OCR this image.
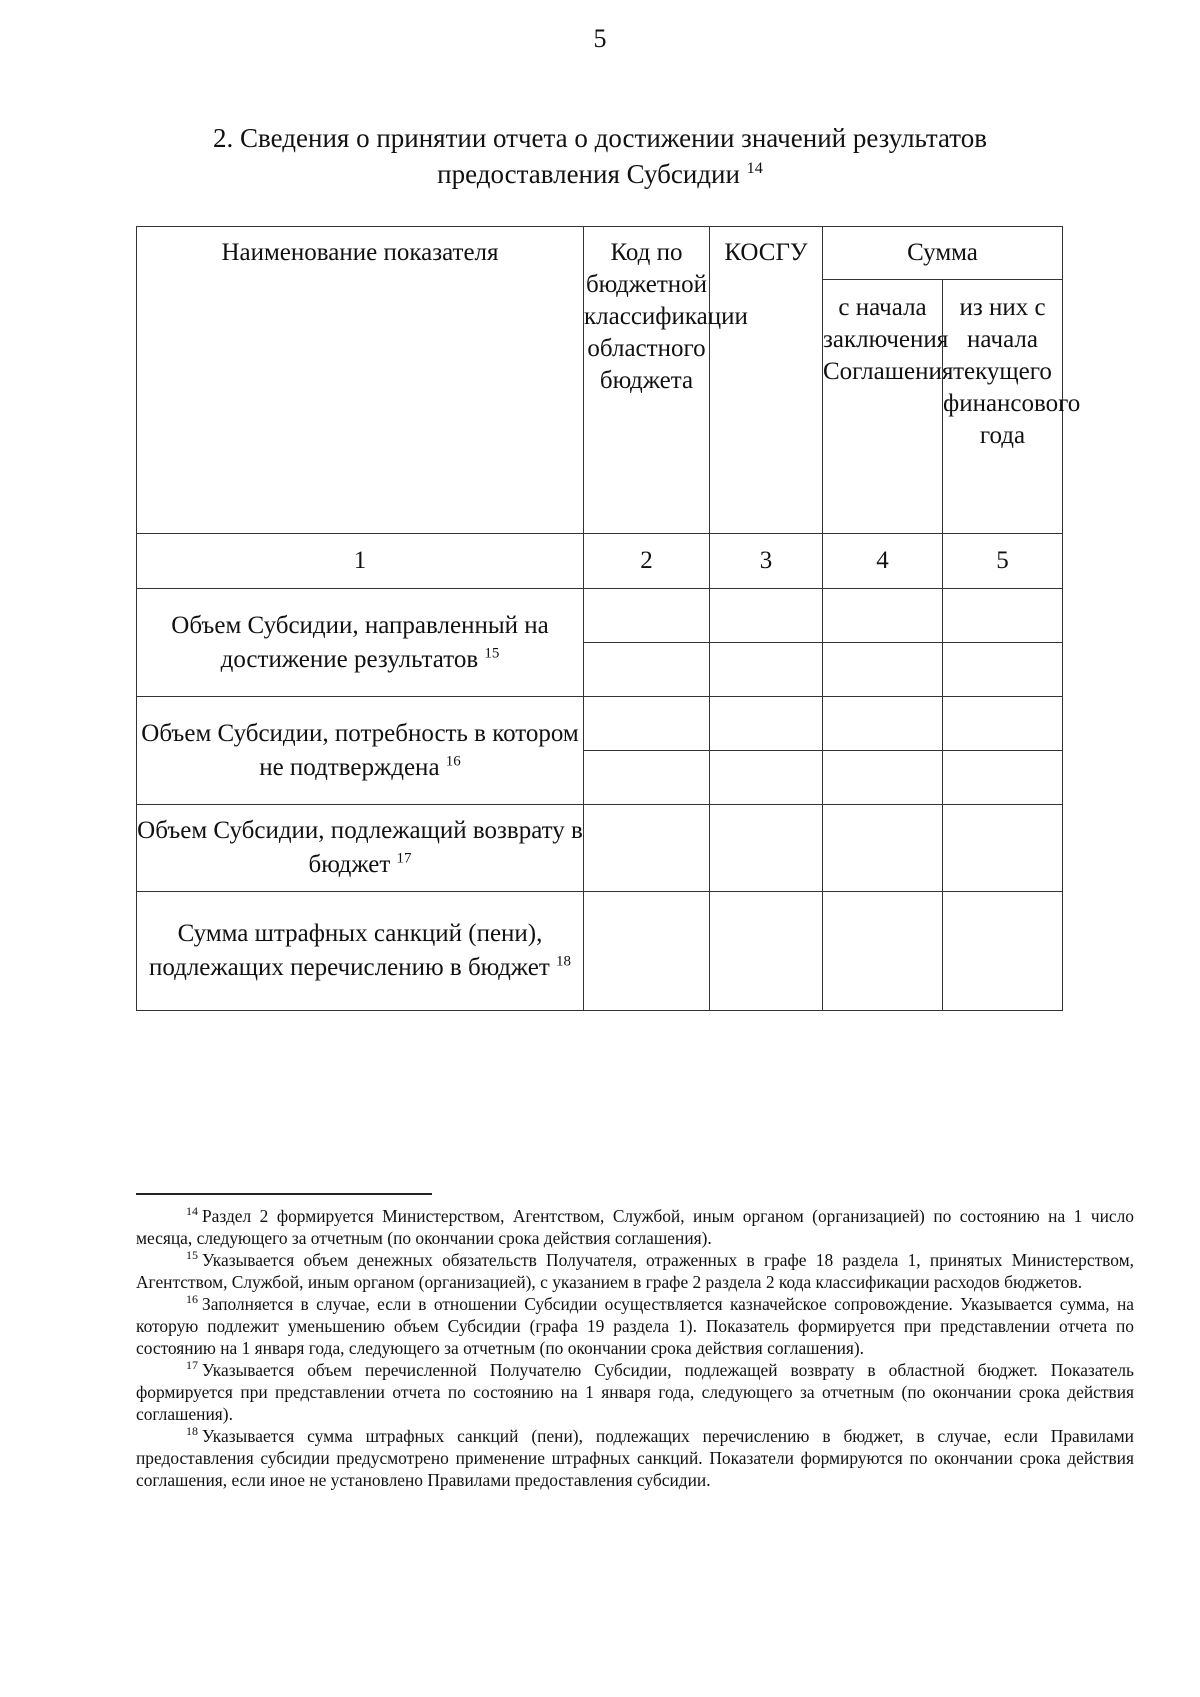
5
2. Сведения о принятии отчета о достижении значений результатов
предоставления Субсидии $^{14}$
Наименование показателя	Код по бюджетной классификации областного бюджета	КОСГУ	Сумма	
			с начала заключения Соглашения	из них с начала текущего финансового года
1	2	3	4	5
Объем Субсидии, направленный на достижение результатов $^{15}$				

Объем Субсидии, потребность в котором не подтверждена $^{16}$				

Объем Субсидии, подлежащий возврату в бюджет $^{17}$				
Сумма штрафных санкций (пени), подлежащих перечислению в бюджет $^{18}$				

$^{14}$ Раздел 2 формируется Министерством, Агентством, Службой, иным органом (организацией) по состоянию на 1 число месяца, следующего за отчетным (по окончании срока действия соглашения).

$^{15}$ Указывается объем денежных обязательств Получателя, отраженных в графе 18 раздела 1, принятых Министерством, Агентством, Службой, иным органом (организацией), с указанием в графе 2 раздела 2 кода классификации расходов бюджетов.

$^{16}$ Заполняется в случае, если в отношении Субсидии осуществляется казначейское сопровождение. Указывается сумма, на которую подлежит уменьшению объем Субсидии (графа 19 раздела 1). Показатель формируется при представлении отчета по состоянию на 1 января года, следующего за отчетным (по окончании срока действия соглашения).

$^{17}$ Указывается объем перечисленной Получателю Субсидии, подлежащей возврату в областной бюджет. Показатель формируется при представлении отчета по состоянию на 1 января года, следующего за отчетным (по окончании срока действия соглашения).

$^{18}$ Указывается сумма штрафных санкций (пени), подлежащих перечислению в бюджет, в случае, если Правилами предоставления субсидии предусмотрено применение штрафных санкций. Показатели формируются по окончании срока действия соглашения, если иное не установлено Правилами предоставления субсидии.
